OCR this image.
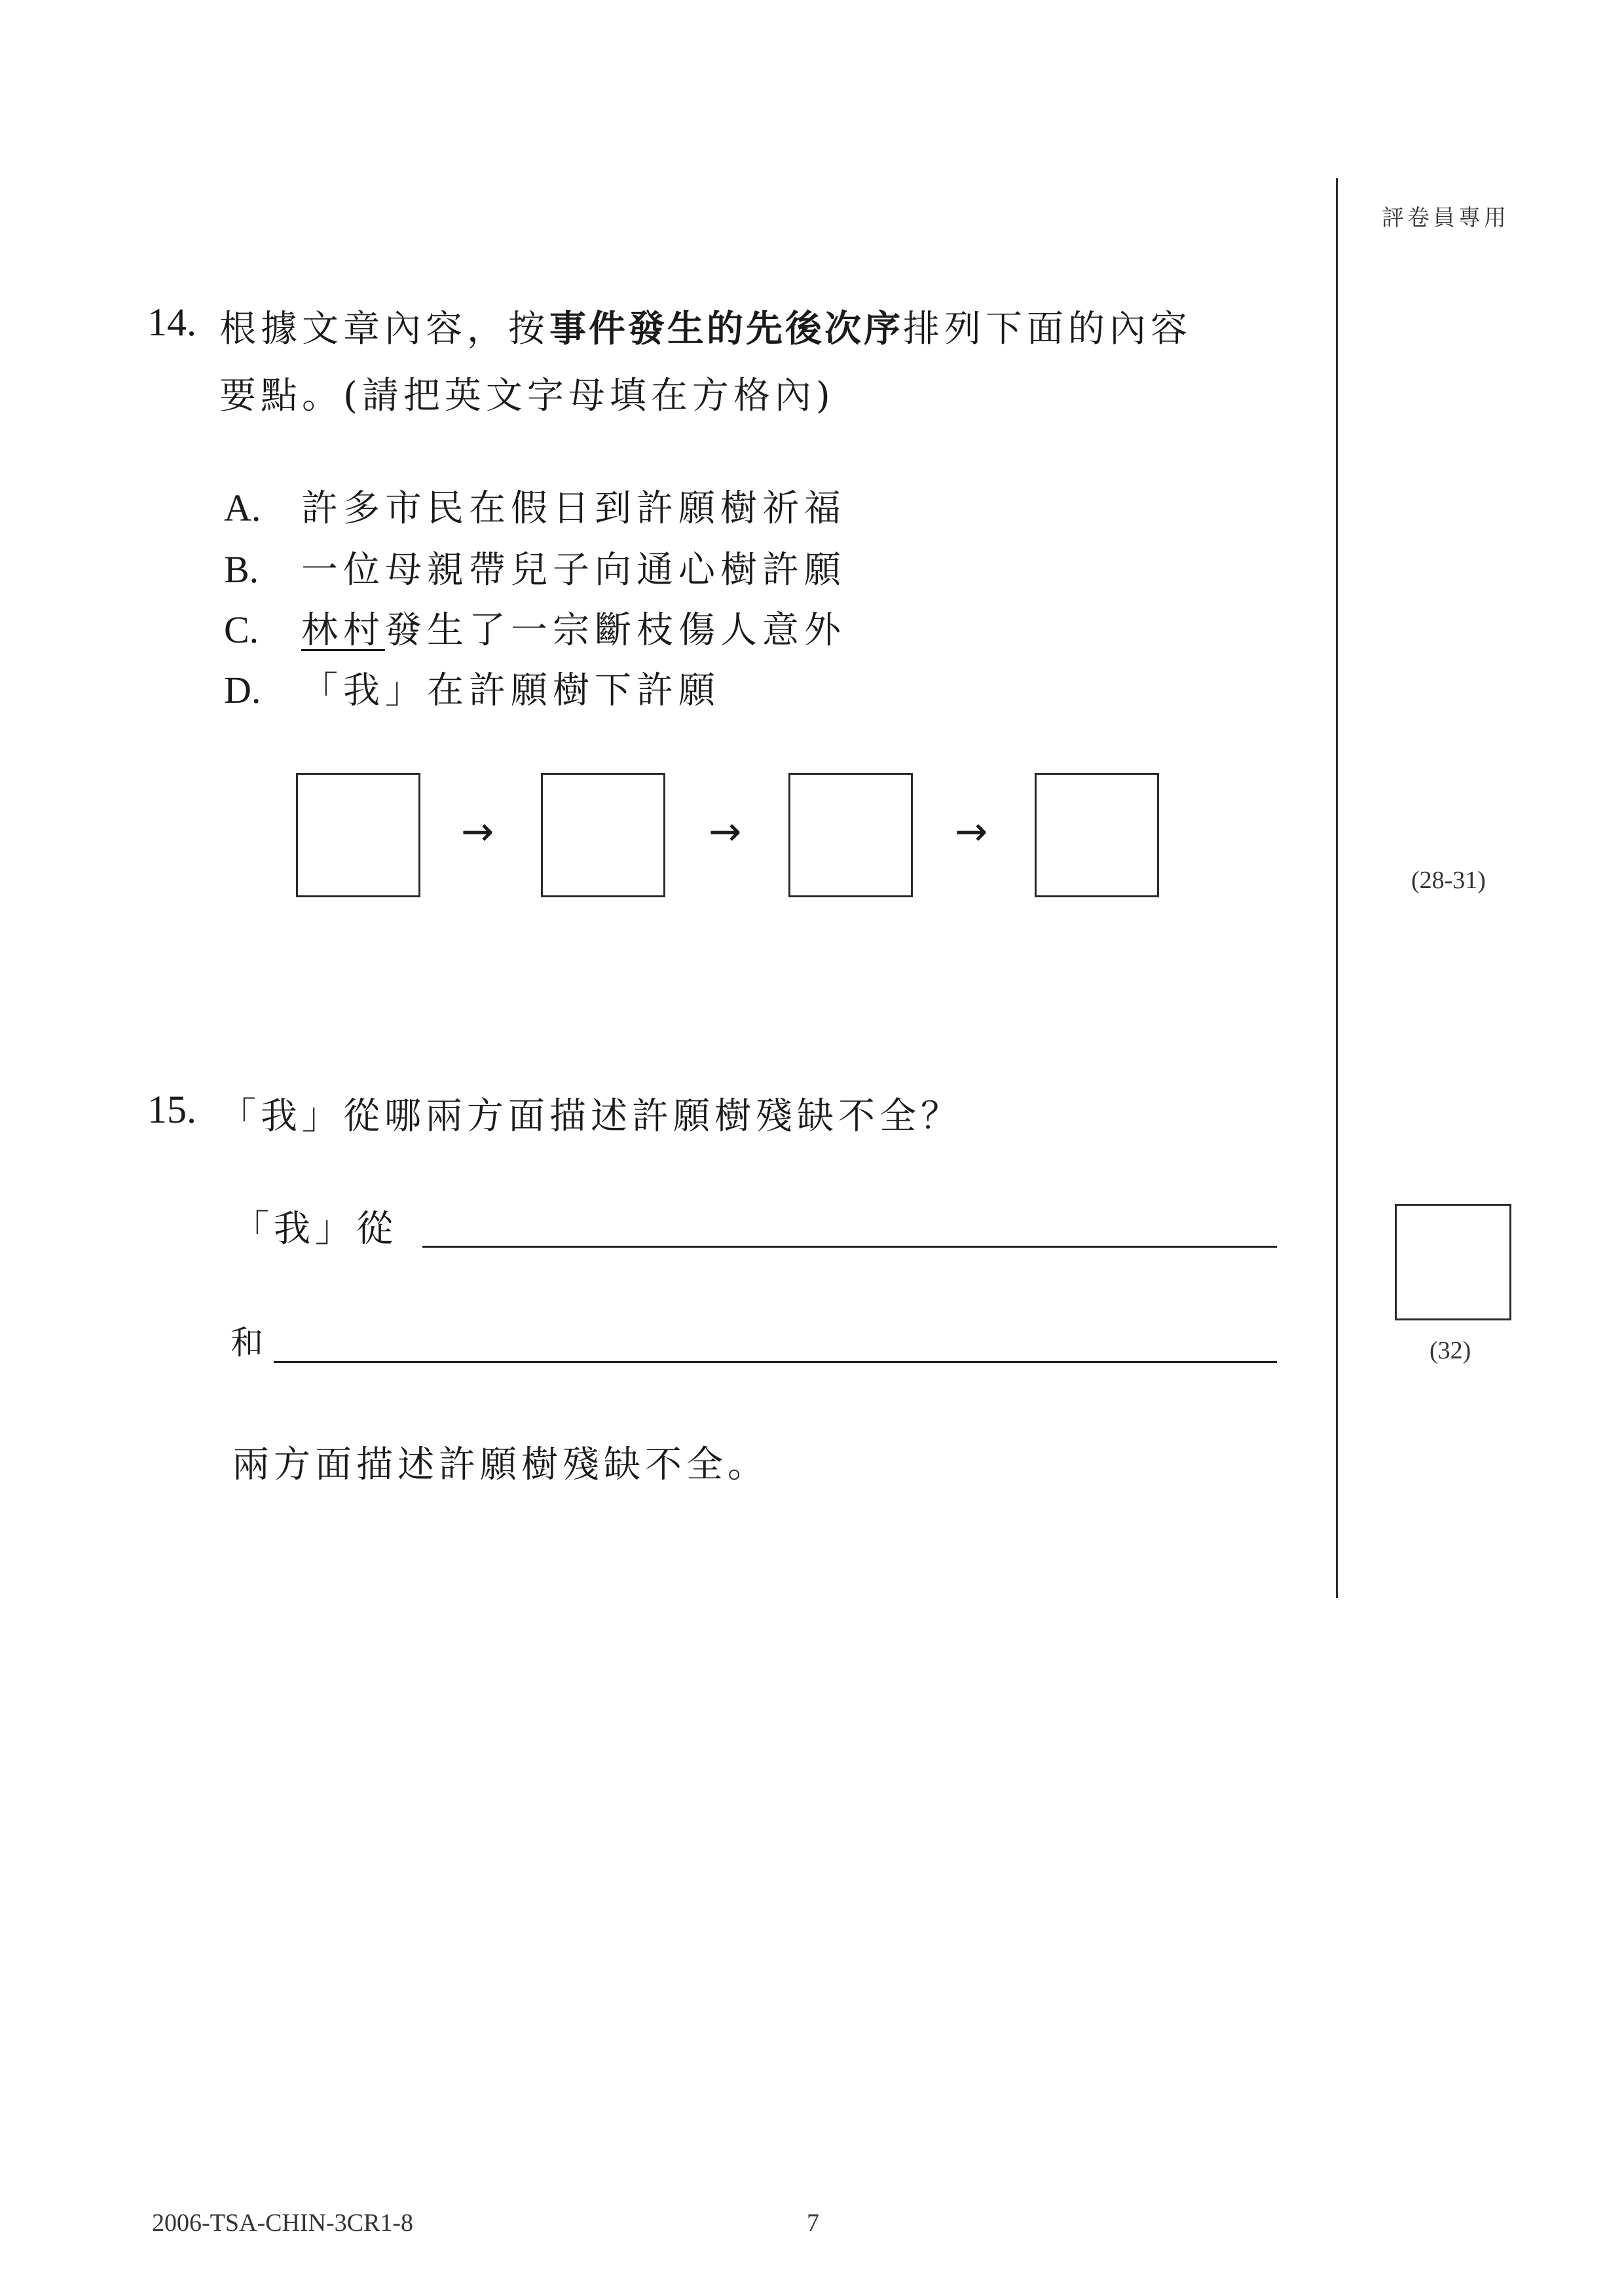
評卷員專用
(28-31)
(32)
14. 根據文章內容，按事件發生的先後次序排列下面的內容
要點。(請把英文字母填在方格內)
A.	許多市民在假日到許願樹祈福
B.	一位母親帶兒子向通心樹許願
C.	林村發生了一宗斷枝傷人意外
D.	「我」在許願樹下許願
→	→	→
15. 「我」從哪兩方面描述許願樹殘缺不全？
「我」從
和
兩方面描述許願樹殘缺不全。
2006-TSA-CHIN-3CR1-8	7
